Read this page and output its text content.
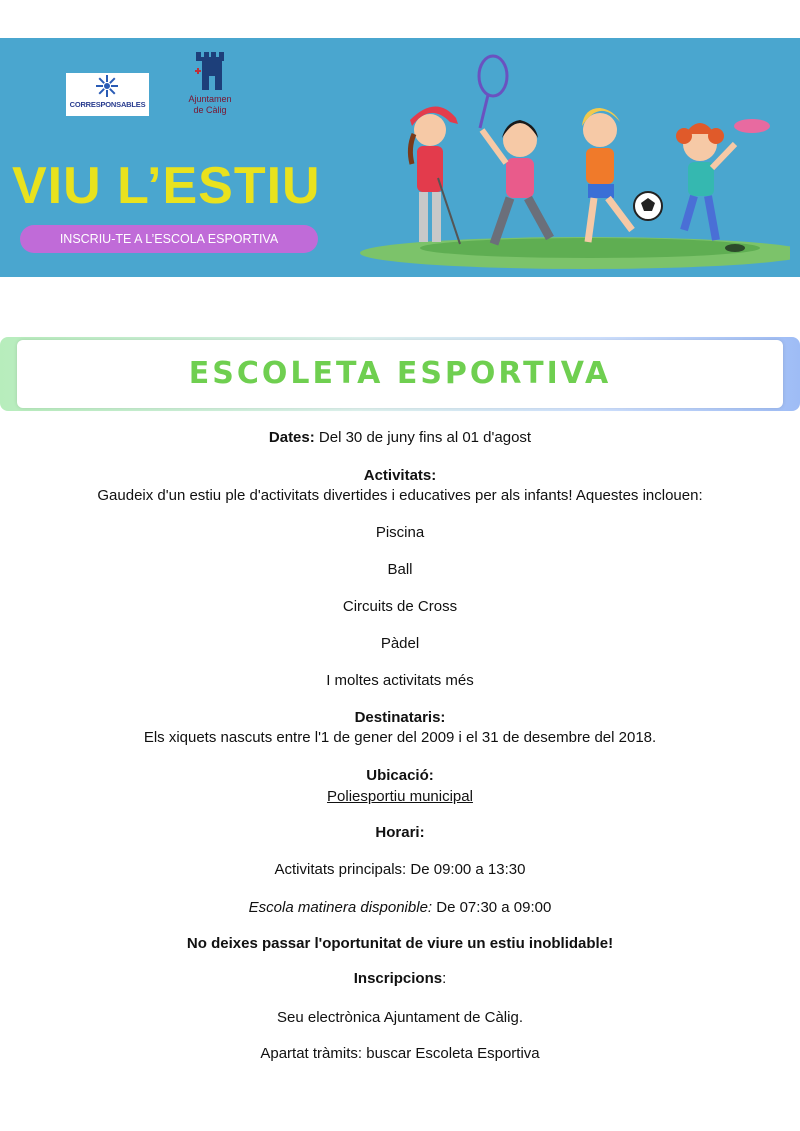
CORRESPONSABLES
Ajuntamen
de Càlig
VIU L’ESTIU
INSCRIU-TE A L’ESCOLA ESPORTIVA
ESCOLETA ESPORTIVA
Dates: Del 30 de juny fins al 01 d'agost
Activitats:
Gaudeix d'un estiu ple d'activitats divertides i educatives per als infants! Aquestes inclouen:
Piscina
Ball
Circuits de Cross
Pàdel
I moltes activitats més
Destinataris:
Els xiquets nascuts entre l'1 de gener del 2009 i el 31 de desembre del 2018.
Ubicació:
Poliesportiu municipal
Horari:
Activitats principals: De 09:00 a 13:30
Escola matinera disponible: De 07:30 a 09:00
No deixes passar l'oportunitat de viure un estiu inoblidable!
Inscripcions:
Seu electrònica Ajuntament de Càlig.
Apartat tràmits: buscar Escoleta Esportiva
